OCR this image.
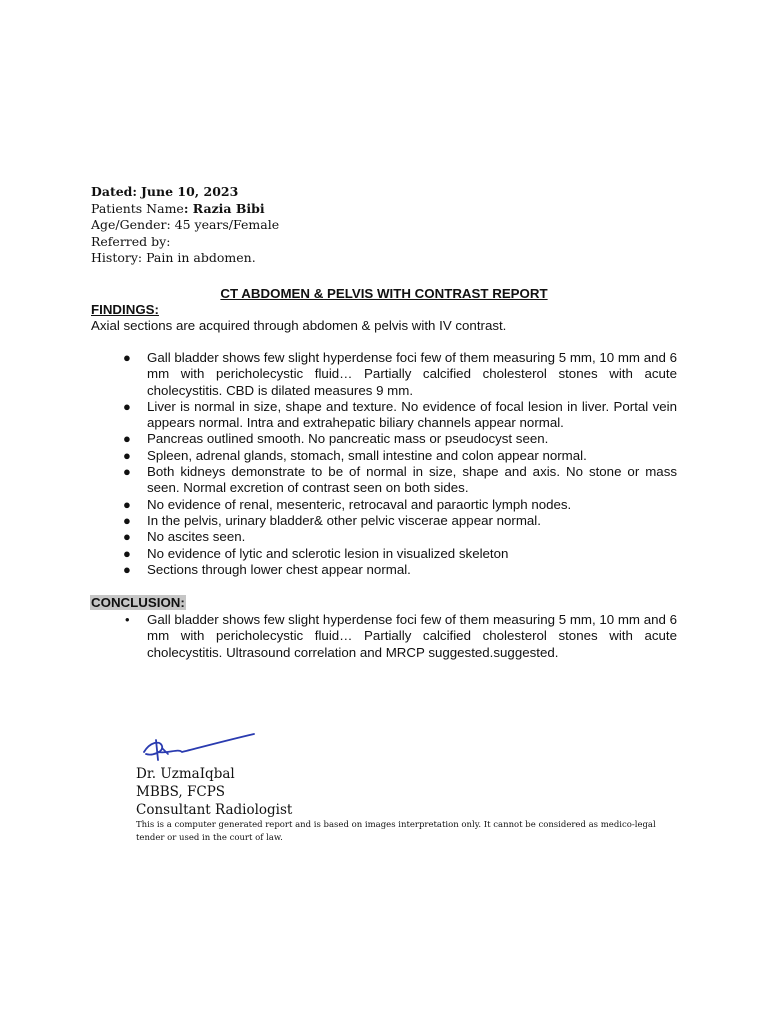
Dated: June 10, 2023
Patients Name: Razia Bibi
Age/Gender: 45 years/Female
Referred by:
History: Pain in abdomen.
CT ABDOMEN & PELVIS WITH CONTRAST REPORT
FINDINGS:
Axial sections are acquired through abdomen & pelvis with IV contrast.
● Gall bladder shows few slight hyperdense foci few of them measuring 5 mm, 10 mm and 6 mm with pericholecystic fluid… Partially calcified cholesterol stones with acute cholecystitis. CBD is dilated measures 9 mm.
● Liver is normal in size, shape and texture. No evidence of focal lesion in liver. Portal vein appears normal. Intra and extrahepatic biliary channels appear normal.
● Pancreas outlined smooth. No pancreatic mass or pseudocyst seen.
● Spleen, adrenal glands, stomach, small intestine and colon appear normal.
● Both kidneys demonstrate to be of normal in size, shape and axis. No stone or mass seen. Normal excretion of contrast seen on both sides.
● No evidence of renal, mesenteric, retrocaval and paraortic lymph nodes.
● In the pelvis, urinary bladder& other pelvic viscerae appear normal.
● No ascites seen.
● No evidence of lytic and sclerotic lesion in visualized skeleton
● Sections through lower chest appear normal.
CONCLUSION:
• Gall bladder shows few slight hyperdense foci few of them measuring 5 mm, 10 mm and 6 mm with pericholecystic fluid… Partially calcified cholesterol stones with acute cholecystitis. Ultrasound correlation and MRCP suggested.suggested.
Dr. UzmaIqbal
MBBS, FCPS
Consultant Radiologist
This is a computer generated report and is based on images interpretation only. It cannot be considered as medico-legal tender or used in the court of law.
